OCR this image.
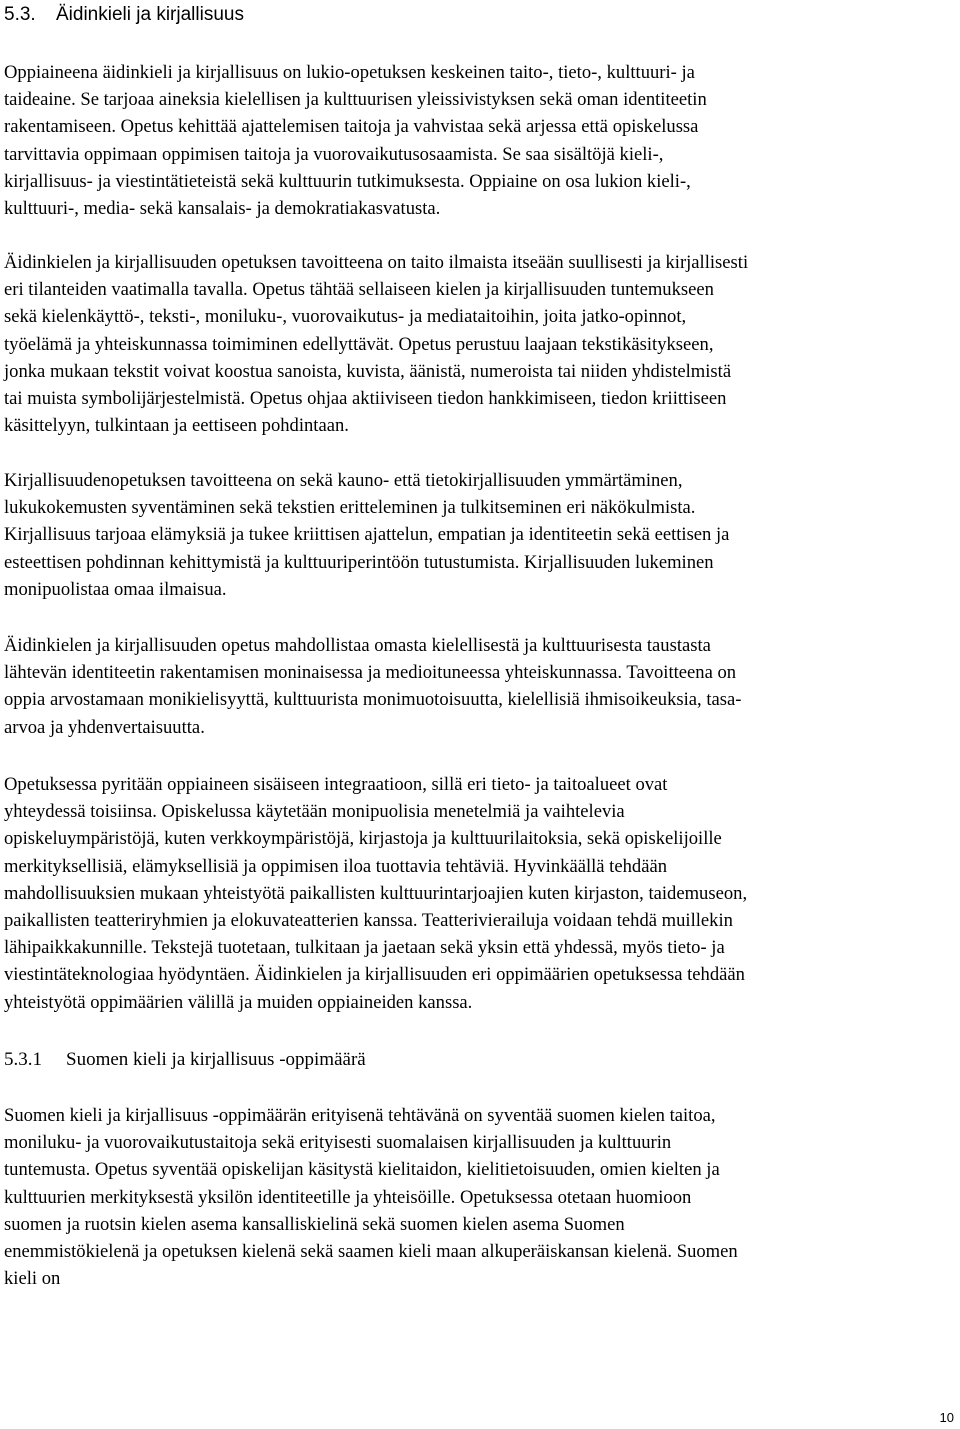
5.3. Äidinkieli ja kirjallisuus

Oppiaineena äidinkieli ja kirjallisuus on lukio-opetuksen keskeinen taito-, tieto-, kulttuuri- ja
taideaine. Se tarjoaa aineksia kielellisen ja kulttuurisen yleissivistyksen sekä oman identiteetin
rakentamiseen. Opetus kehittää ajattelemisen taitoja ja vahvistaa sekä arjessa että opiskelussa
tarvittavia oppimaan oppimisen taitoja ja vuorovaikutusosaamista. Se saa sisältöjä kieli-,
kirjallisuus- ja viestintätieteistä sekä kulttuurin tutkimuksesta. Oppiaine on osa lukion kieli-,
kulttuuri-, media- sekä kansalais- ja demokratiakasvatusta.

Äidinkielen ja kirjallisuuden opetuksen tavoitteena on taito ilmaista itseään suullisesti ja kirjallisesti
eri tilanteiden vaatimalla tavalla. Opetus tähtää sellaiseen kielen ja kirjallisuuden tuntemukseen
sekä kielenkäyttö-, teksti-, moniluku-, vuorovaikutus- ja mediataitoihin, joita jatko-opinnot,
työelämä ja yhteiskunnassa toimiminen edellyttävät. Opetus perustuu laajaan tekstikäsitykseen,
jonka mukaan tekstit voivat koostua sanoista, kuvista, äänistä, numeroista tai niiden yhdistelmistä
tai muista symbolijärjestelmistä. Opetus ohjaa aktiiviseen tiedon hankkimiseen, tiedon kriittiseen
käsittelyyn, tulkintaan ja eettiseen pohdintaan.

Kirjallisuudenopetuksen tavoitteena on sekä kauno- että tietokirjallisuuden ymmärtäminen,
lukukokemusten syventäminen sekä tekstien eritteleminen ja tulkitseminen eri näkökulmista.
Kirjallisuus tarjoaa elämyksiä ja tukee kriittisen ajattelun, empatian ja identiteetin sekä eettisen ja
esteettisen pohdinnan kehittymistä ja kulttuuriperintöön tutustumista. Kirjallisuuden lukeminen
monipuolistaa omaa ilmaisua.

Äidinkielen ja kirjallisuuden opetus mahdollistaa omasta kielellisestä ja kulttuurisesta taustasta
lähtevän identiteetin rakentamisen moninaisessa ja medioituneessa yhteiskunnassa. Tavoitteena on
oppia arvostamaan monikielisyyttä, kulttuurista monimuotoisuutta, kielellisiä ihmisoikeuksia, tasa-
arvoa ja yhdenvertaisuutta.

Opetuksessa pyritään oppiaineen sisäiseen integraatioon, sillä eri tieto- ja taitoalueet ovat
yhteydessä toisiinsa. Opiskelussa käytetään monipuolisia menetelmiä ja vaihtelevia
opiskeluympäristöjä, kuten verkkoympäristöjä, kirjastoja ja kulttuurilaitoksia, sekä opiskelijoille
merkityksellisiä, elämyksellisiä ja oppimisen iloa tuottavia tehtäviä. Hyvinkäällä tehdään
mahdollisuuksien mukaan yhteistyötä paikallisten kulttuurintarjoajien kuten kirjaston, taidemuseon,
paikallisten teatteriryhmien ja elokuvateatterien kanssa. Teatterivierailuja voidaan tehdä muillekin
lähipaikkakunnille. Tekstejä tuotetaan, tulkitaan ja jaetaan sekä yksin että yhdessä, myös tieto- ja
viestintäteknologiaa hyödyntäen. Äidinkielen ja kirjallisuuden eri oppimäärien opetuksessa tehdään
yhteistyötä oppimäärien välillä ja muiden oppiaineiden kanssa.

5.3.1 Suomen kieli ja kirjallisuus -oppimäärä

Suomen kieli ja kirjallisuus -oppimäärän erityisenä tehtävänä on syventää suomen kielen taitoa,
moniluku- ja vuorovaikutustaitoja sekä erityisesti suomalaisen kirjallisuuden ja kulttuurin
tuntemusta. Opetus syventää opiskelijan käsitystä kielitaidon, kielitietoisuuden, omien kielten ja
kulttuurien merkityksestä yksilön identiteetille ja yhteisöille. Opetuksessa otetaan huomioon
suomen ja ruotsin kielen asema kansalliskielinä sekä suomen kielen asema Suomen
enemmistökielenä ja opetuksen kielenä sekä saamen kieli maan alkuperäiskansan kielenä. Suomen
kieli on

10
